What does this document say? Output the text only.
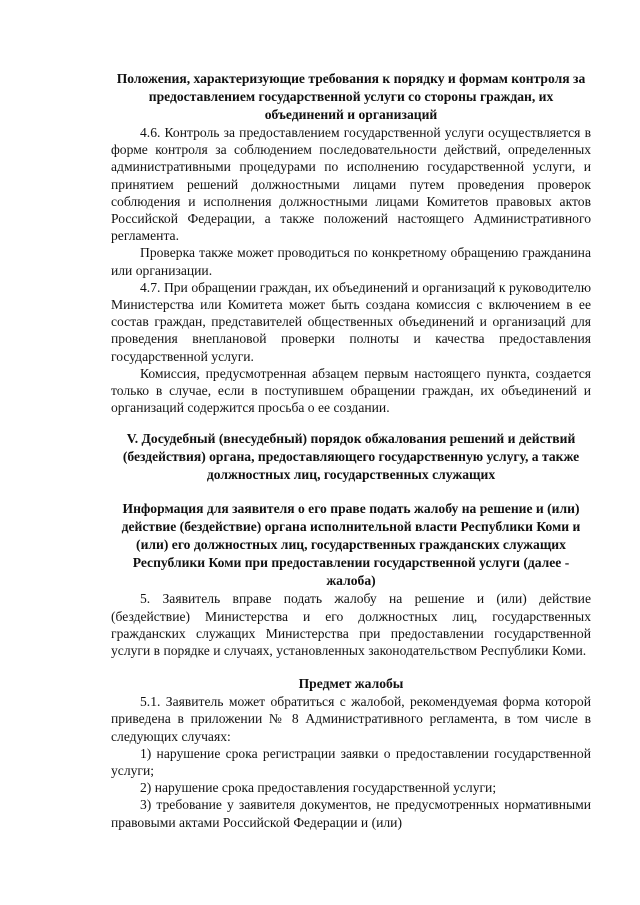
Положения, характеризующие требования к порядку и формам контроля за предоставлением государственной услуги со стороны граждан, их объединений и организаций

4.6. Контроль за предоставлением государственной услуги осуществляется в форме контроля за соблюдением последовательности действий, определенных административными процедурами по исполнению государственной услуги, и принятием решений должностными лицами путем проведения проверок соблюдения и исполнения должностными лицами Комитетов правовых актов Российской Федерации, а также положений настоящего Административного регламента.

Проверка также может проводиться по конкретному обращению гражданина или организации.

4.7. При обращении граждан, их объединений и организаций к руководителю Министерства или Комитета может быть создана комиссия с включением в ее состав граждан, представителей общественных объединений и организаций для проведения внеплановой проверки полноты и качества предоставления государственной услуги.

Комиссия, предусмотренная абзацем первым настоящего пункта, создается только в случае, если в поступившем обращении граждан, их объединений и организаций содержится просьба о ее создании.

V. Досудебный (внесудебный) порядок обжалования решений и действий (бездействия) органа, предоставляющего государственную услугу, а также должностных лиц, государственных служащих

Информация для заявителя о его праве подать жалобу на решение и (или) действие (бездействие) органа исполнительной власти Республики Коми и (или) его должностных лиц, государственных гражданских служащих Республики Коми при предоставлении государственной услуги (далее - жалоба)

5. Заявитель вправе подать жалобу на решение и (или) действие (бездействие) Министерства и его должностных лиц, государственных гражданских служащих Министерства при предоставлении государственной услуги в порядке и случаях, установленных законодательством Республики Коми.

Предмет жалобы

5.1. Заявитель может обратиться с жалобой, рекомендуемая форма которой приведена в приложении № 8 Административного регламента, в том числе в следующих случаях:

1) нарушение срока регистрации заявки о предоставлении государственной услуги;

2) нарушение срока предоставления государственной услуги;

3) требование у заявителя документов, не предусмотренных нормативными правовыми актами Российской Федерации и (или)
